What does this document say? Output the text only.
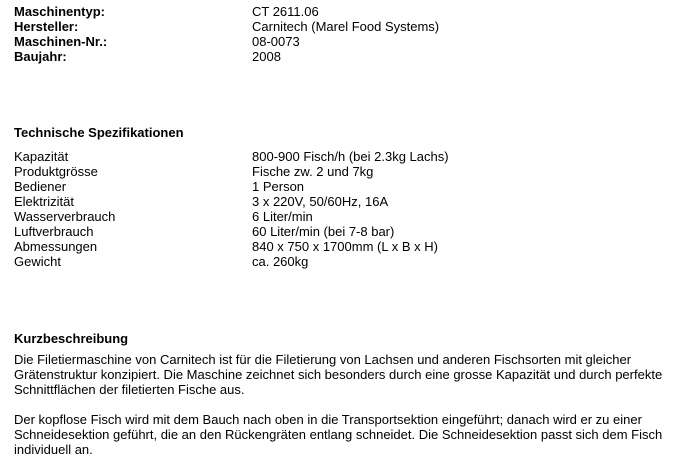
Maschinentyp:	CT 2611.06
Hersteller:	Carnitech (Marel Food Systems)
Maschinen-Nr.:	08-0073
Baujahr:	2008
Technische Spezifikationen
Kapazität	800-900 Fisch/h (bei 2.3kg Lachs)
Produktgrösse	Fische zw. 2 und 7kg
Bediener	1 Person
Elektrizität	3 x 220V, 50/60Hz, 16A
Wasserverbrauch	6 Liter/min
Luftverbrauch	60 Liter/min (bei 7-8 bar)
Abmessungen	840 x 750 x 1700mm (L x B x H)
Gewicht	ca. 260kg
Kurzbeschreibung

Die Filetiermaschine von Carnitech ist für die Filetierung von Lachsen und anderen Fischsorten mit gleicher Grätenstruktur konzipiert. Die Maschine zeichnet sich besonders durch eine grosse Kapazität und durch perfekte Schnittflächen der filetierten Fische aus.

Der kopflose Fisch wird mit dem Bauch nach oben in die Transportsektion eingeführt; danach wird er zu einer Schneidesektion geführt, die an den Rückengräten entlang schneidet. Die Schneidesektion passt sich dem Fisch individuell an.
